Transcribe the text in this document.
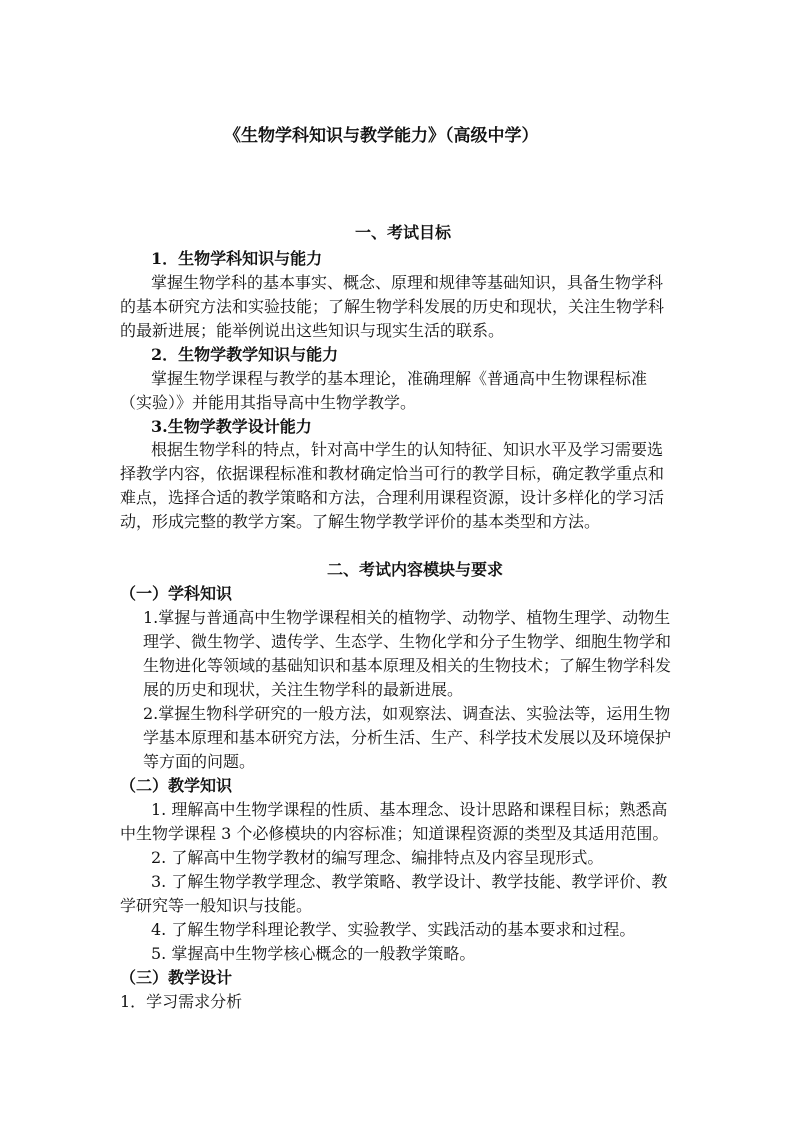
《生物学科知识与教学能力》（高级中学）
一、考试目标
1．生物学科知识与能力
掌握生物学科的基本事实、概念、原理和规律等基础知识，具备生物学科
的基本研究方法和实验技能；了解生物学科发展的历史和现状，关注生物学科
的最新进展；能举例说出这些知识与现实生活的联系。
2．生物学教学知识与能力
掌握生物学课程与教学的基本理论，准确理解《普通高中生物课程标准
（实验）》并能用其指导高中生物学教学。
3.生物学教学设计能力
根据生物学科的特点，针对高中学生的认知特征、知识水平及学习需要选
择教学内容，依据课程标准和教材确定恰当可行的教学目标，确定教学重点和
难点，选择合适的教学策略和方法，合理利用课程资源，设计多样化的学习活
动，形成完整的教学方案。了解生物学教学评价的基本类型和方法。
二、考试内容模块与要求
（一）学科知识
1.掌握与普通高中生物学课程相关的植物学、动物学、植物生理学、动物生
理学、微生物学、遗传学、生态学、生物化学和分子生物学、细胞生物学和
生物进化等领域的基础知识和基本原理及相关的生物技术；了解生物学科发
展的历史和现状，关注生物学科的最新进展。
2.掌握生物科学研究的一般方法，如观察法、调查法、实验法等，运用生物
学基本原理和基本研究方法，分析生活、生产、科学技术发展以及环境保护
等方面的问题。
（二）教学知识
1. 理解高中生物学课程的性质、基本理念、设计思路和课程目标；熟悉高
中生物学课程 3 个必修模块的内容标准；知道课程资源的类型及其适用范围。
2. 了解高中生物学教材的编写理念、编排特点及内容呈现形式。
3. 了解生物学教学理念、教学策略、教学设计、教学技能、教学评价、教
学研究等一般知识与技能。
4. 了解生物学科理论教学、实验教学、实践活动的基本要求和过程。
5. 掌握高中生物学核心概念的一般教学策略。
（三）教学设计
1．学习需求分析
